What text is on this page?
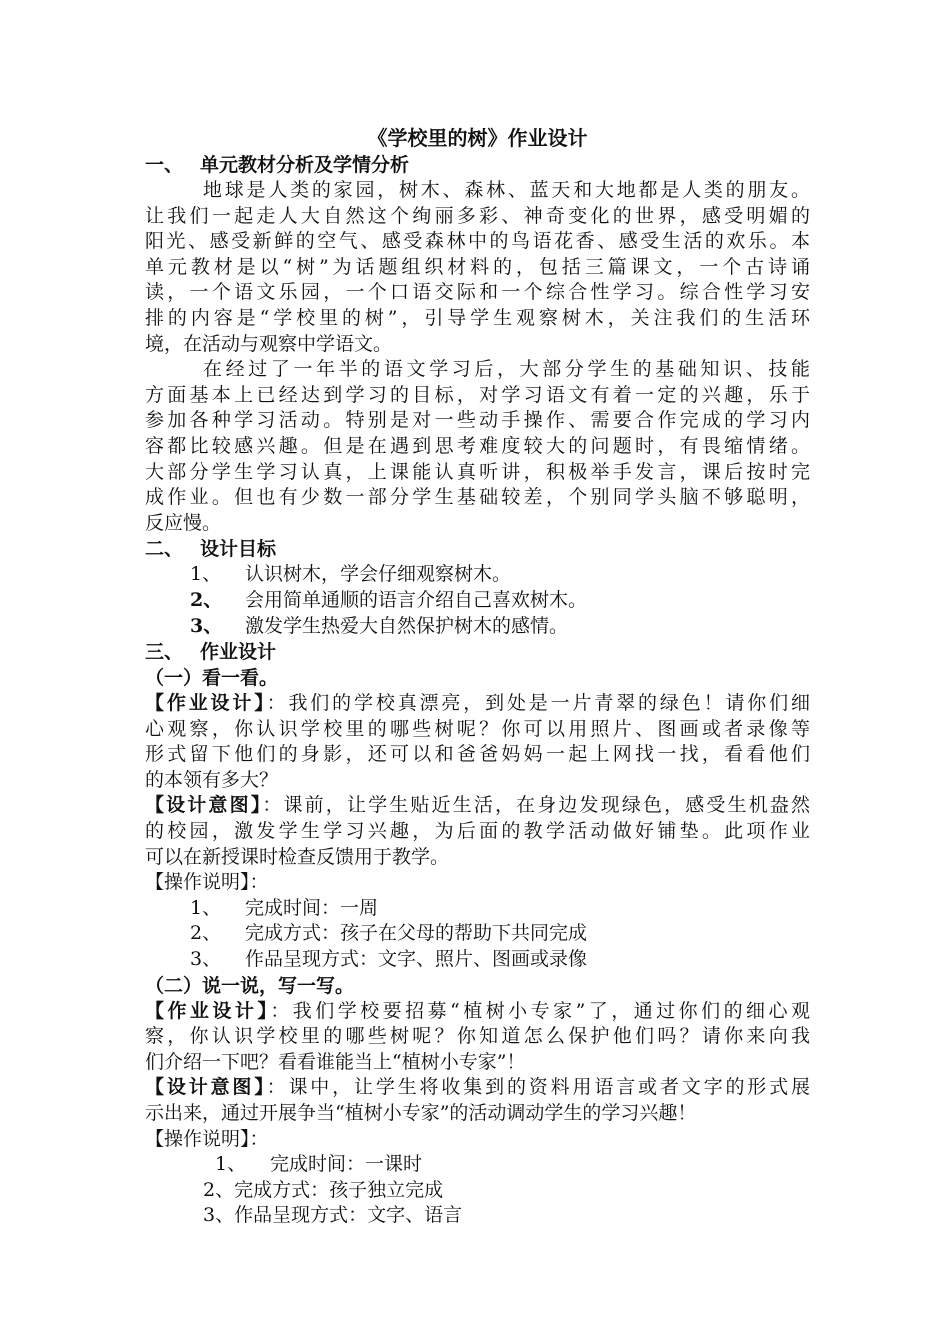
《学校里的树》作业设计
一、 单元教材分析及学情分析
地球是人类的家园，树木、森林、蓝天和大地都是人类的朋友。
让我们一起走人大自然这个绚丽多彩、神奇变化的世界，感受明媚的
阳光、感受新鲜的空气、感受森林中的鸟语花香、感受生活的欢乐。本
单元教材是以“树”为话题组织材料的，包括三篇课文，一个古诗诵
读，一个语文乐园，一个口语交际和一个综合性学习。综合性学习安
排的内容是“学校里的树”，引导学生观察树木，关注我们的生活环
境，在活动与观察中学语文。
在经过了一年半的语文学习后，大部分学生的基础知识、技能
方面基本上已经达到学习的目标，对学习语文有着一定的兴趣，乐于
参加各种学习活动。特别是对一些动手操作、需要合作完成的学习内
容都比较感兴趣。但是在遇到思考难度较大的问题时，有畏缩情绪。
大部分学生学习认真，上课能认真听讲，积极举手发言，课后按时完
成作业。但也有少数一部分学生基础较差，个别同学头脑不够聪明，
反应慢。
二、 设计目标
1、 认识树木，学会仔细观察树木。
2、 会用简单通顺的语言介绍自己喜欢树木。
3、 激发学生热爱大自然保护树木的感情。
三、 作业设计
（一）看一看。
【作业设计】：我们的学校真漂亮，到处是一片青翠的绿色！请你们细
心观察，你认识学校里的哪些树呢？你可以用照片、图画或者录像等
形式留下他们的身影，还可以和爸爸妈妈一起上网找一找，看看他们
的本领有多大？
【设计意图】：课前，让学生贴近生活，在身边发现绿色，感受生机盎然
的校园，激发学生学习兴趣，为后面的教学活动做好铺垫。此项作业
可以在新授课时检查反馈用于教学。
【操作说明】：
1、 完成时间：一周
2、 完成方式：孩子在父母的帮助下共同完成
3、 作品呈现方式：文字、照片、图画或录像
（二）说一说，写一写。
【作业设计】：我们学校要招募“植树小专家”了，通过你们的细心观
察，你认识学校里的哪些树呢？你知道怎么保护他们吗？请你来向我
们介绍一下吧？看看谁能当上“植树小专家”！
【设计意图】：课中，让学生将收集到的资料用语言或者文字的形式展
示出来，通过开展争当“植树小专家”的活动调动学生的学习兴趣！
【操作说明】：
1、 完成时间：一课时
2、完成方式：孩子独立完成
3、作品呈现方式：文字、语言
